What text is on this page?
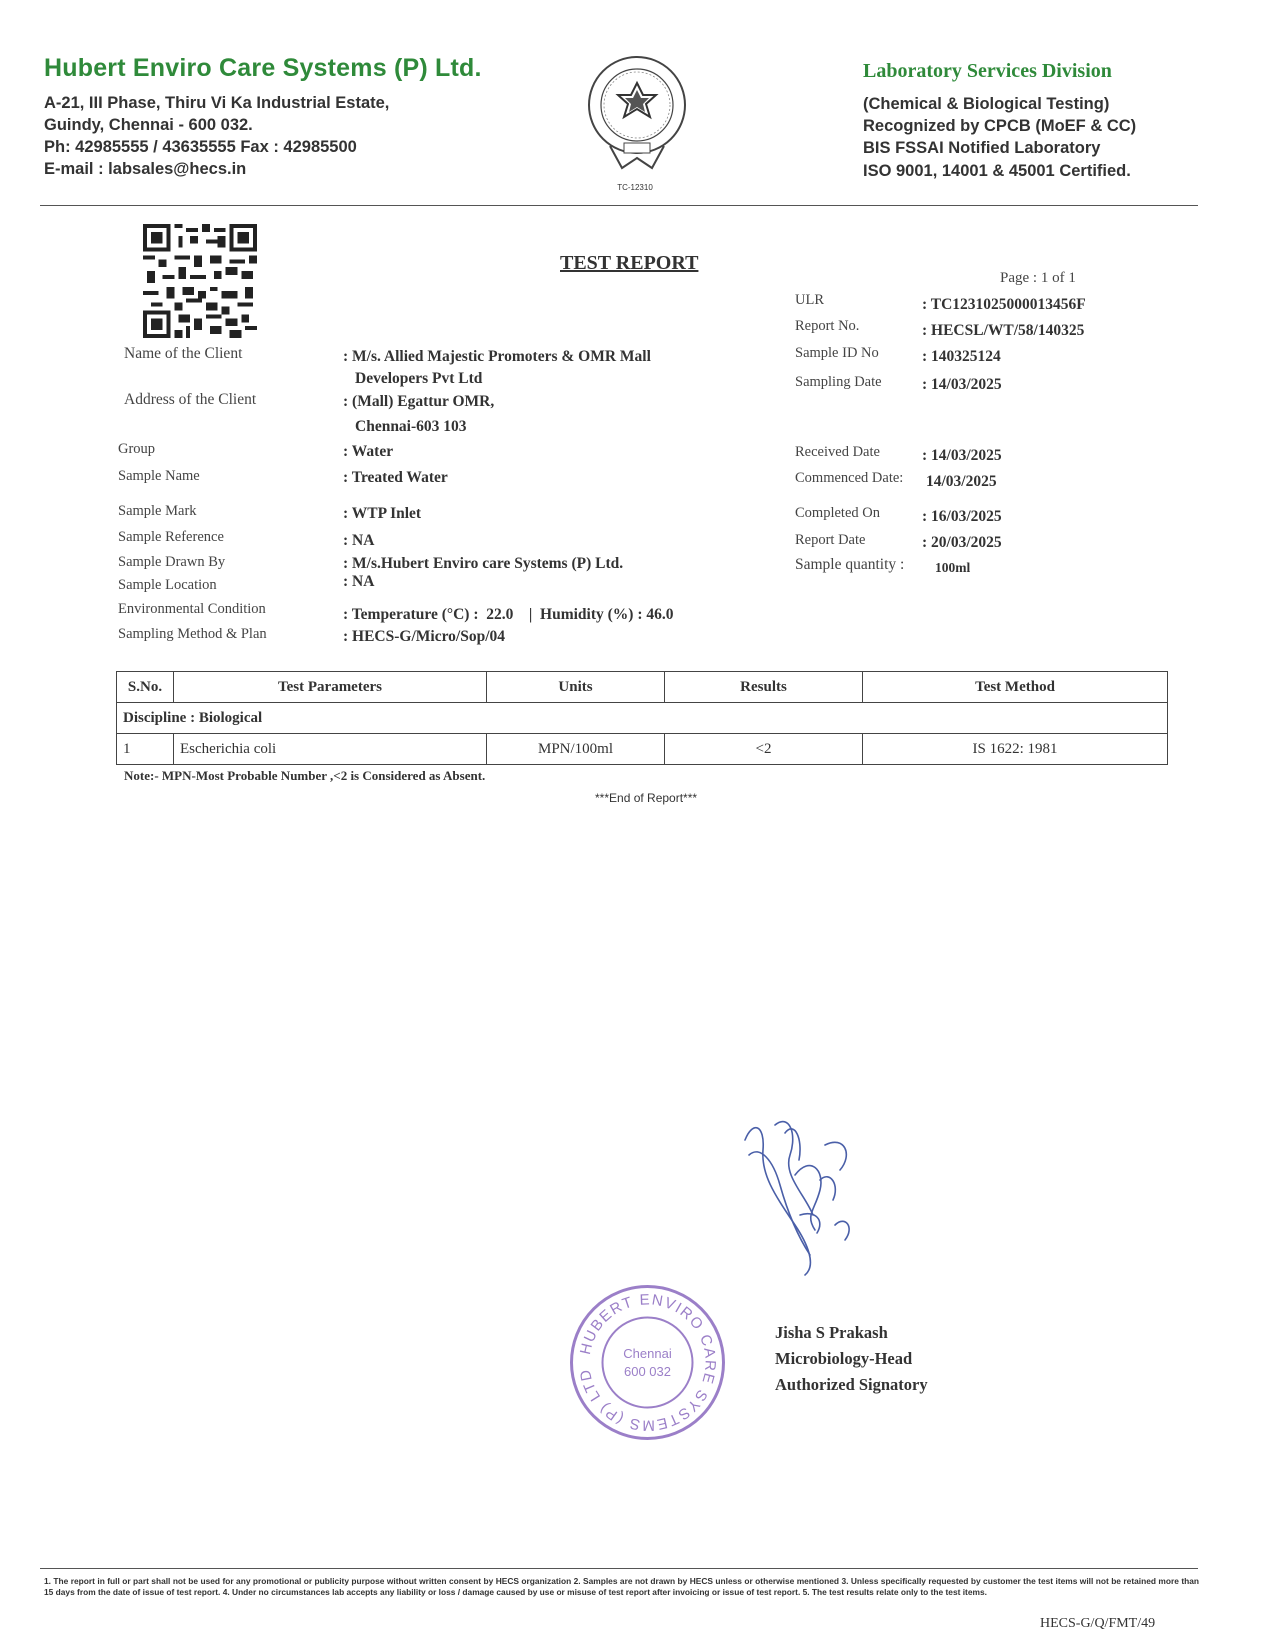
Hubert Enviro Care Systems (P) Ltd.
A-21, III Phase, Thiru Vi Ka Industrial Estate,
Guindy, Chennai - 600 032.
Ph: 42985555 / 43635555 Fax : 42985500
E-mail : labsales@hecs.in
TC-12310
Laboratory Services Division
(Chemical & Biological Testing)
Recognized by CPCB (MoEF & CC)
BIS FSSAI Notified Laboratory
ISO 9001, 14001 & 45001 Certified.
TEST REPORT
Page : 1 of 1
ULR	: TC1231025000013456F
Report No.	: HECSL/WT/58/140325
Sample ID No	: 140325124
Sampling Date	: 14/03/2025
Received Date	: 14/03/2025
Commenced Date: 14/03/2025
Completed On	: 16/03/2025
Report Date	: 20/03/2025
Sample quantity : 100ml
Name of the Client	: M/s. Allied Majestic Promoters & OMR Mall
Developers Pvt Ltd
Address of the Client	: (Mall) Egattur OMR,
Chennai-603 103
Group	: Water
Sample Name	: Treated Water
Sample Mark	: WTP Inlet
Sample Reference	: NA
Sample Drawn By	: M/s.Hubert Enviro care Systems (P) Ltd.
Sample Location	: NA
Environmental Condition	: Temperature (°C) :  22.0    |  Humidity (%) : 46.0
Sampling Method & Plan	: HECS-G/Micro/Sop/04
S.No.	Test Parameters	Units	Results	Test Method
Discipline : Biological				
1	Escherichia coli	MPN/100ml	<2	IS 1622: 1981
Note:- MPN-Most Probable Number ,<2 is Considered as Absent.
***End of Report***
HUBERT ENVIRO CARE SYSTEMS (P) LTD
Chennai
600 032
Jisha S Prakash
Microbiology-Head
Authorized Signatory
1. The report in full or part shall not be used for any promotional or publicity purpose without written consent by HECS organization 2. Samples are not drawn by HECS unless or otherwise mentioned 3. Unless specifically requested by customer the test items will not be retained more than 15 days from the date of issue of test report. 4. Under no circumstances lab accepts any liability or loss / damage caused by use or misuse of test report after invoicing or issue of test report. 5. The test results relate only to the test items.
HECS-G/Q/FMT/49
